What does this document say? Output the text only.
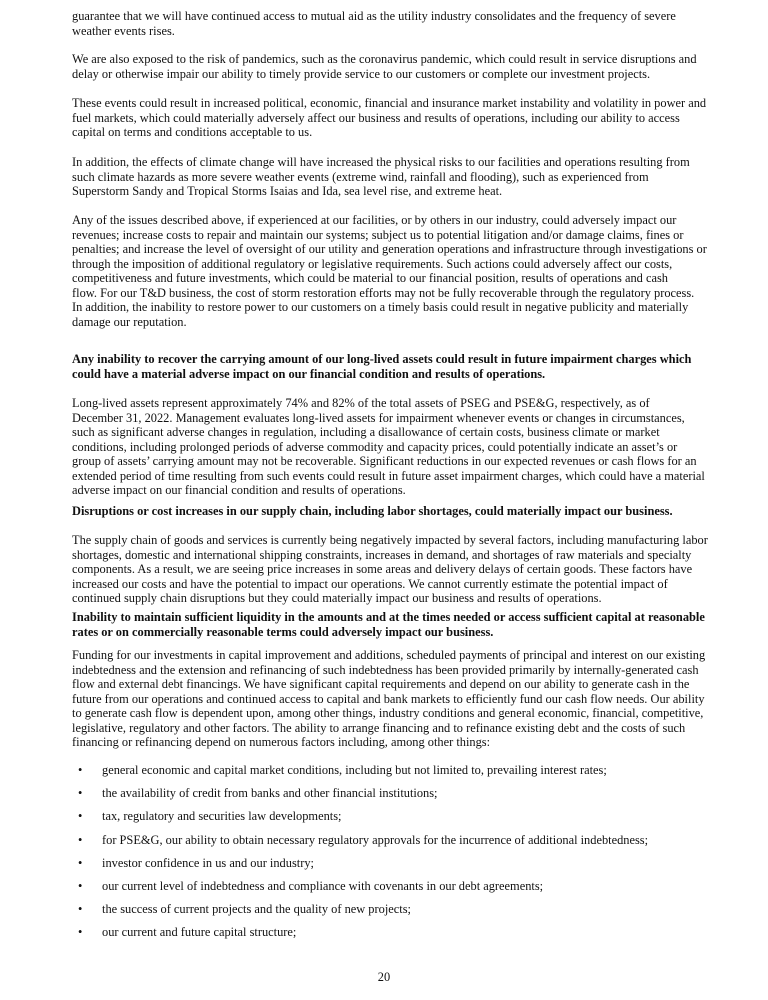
guarantee that we will have continued access to mutual aid as the utility industry consolidates and the frequency of severe
weather events rises.
We are also exposed to the risk of pandemics, such as the coronavirus pandemic, which could result in service disruptions and
delay or otherwise impair our ability to timely provide service to our customers or complete our investment projects.
These events could result in increased political, economic, financial and insurance market instability and volatility in power and
fuel markets, which could materially adversely affect our business and results of operations, including our ability to access
capital on terms and conditions acceptable to us.
In addition, the effects of climate change will have increased the physical risks to our facilities and operations resulting from
such climate hazards as more severe weather events (extreme wind, rainfall and flooding), such as experienced from
Superstorm Sandy and Tropical Storms Isaias and Ida, sea level rise, and extreme heat.
Any of the issues described above, if experienced at our facilities, or by others in our industry, could adversely impact our
revenues; increase costs to repair and maintain our systems; subject us to potential litigation and/or damage claims, fines or
penalties; and increase the level of oversight of our utility and generation operations and infrastructure through investigations or
through the imposition of additional regulatory or legislative requirements. Such actions could adversely affect our costs,
competitiveness and future investments, which could be material to our financial position, results of operations and cash
flow. For our T&D business, the cost of storm restoration efforts may not be fully recoverable through the regulatory process.
In addition, the inability to restore power to our customers on a timely basis could result in negative publicity and materially
damage our reputation.
Any inability to recover the carrying amount of our long-lived assets could result in future impairment charges which
could have a material adverse impact on our financial condition and results of operations.
Long-lived assets represent approximately 74% and 82% of the total assets of PSEG and PSE&G, respectively, as of
December 31, 2022. Management evaluates long-lived assets for impairment whenever events or changes in circumstances,
such as significant adverse changes in regulation, including a disallowance of certain costs, business climate or market
conditions, including prolonged periods of adverse commodity and capacity prices, could potentially indicate an asset’s or
group of assets’ carrying amount may not be recoverable. Significant reductions in our expected revenues or cash flows for an
extended period of time resulting from such events could result in future asset impairment charges, which could have a material
adverse impact on our financial condition and results of operations.
Disruptions or cost increases in our supply chain, including labor shortages, could materially impact our business.
The supply chain of goods and services is currently being negatively impacted by several factors, including manufacturing labor
shortages, domestic and international shipping constraints, increases in demand, and shortages of raw materials and specialty
components. As a result, we are seeing price increases in some areas and delivery delays of certain goods. These factors have
increased our costs and have the potential to impact our operations. We cannot currently estimate the potential impact of
continued supply chain disruptions but they could materially impact our business and results of operations.
Inability to maintain sufficient liquidity in the amounts and at the times needed or access sufficient capital at reasonable
rates or on commercially reasonable terms could adversely impact our business.
Funding for our investments in capital improvement and additions, scheduled payments of principal and interest on our existing
indebtedness and the extension and refinancing of such indebtedness has been provided primarily by internally-generated cash
flow and external debt financings. We have significant capital requirements and depend on our ability to generate cash in the
future from our operations and continued access to capital and bank markets to efficiently fund our cash flow needs. Our ability
to generate cash flow is dependent upon, among other things, industry conditions and general economic, financial, competitive,
legislative, regulatory and other factors. The ability to arrange financing and to refinance existing debt and the costs of such
financing or refinancing depend on numerous factors including, among other things:
• general economic and capital market conditions, including but not limited to, prevailing interest rates;
• the availability of credit from banks and other financial institutions;
• tax, regulatory and securities law developments;
• for PSE&G, our ability to obtain necessary regulatory approvals for the incurrence of additional indebtedness;
• investor confidence in us and our industry;
• our current level of indebtedness and compliance with covenants in our debt agreements;
• the success of current projects and the quality of new projects;
• our current and future capital structure;
20
